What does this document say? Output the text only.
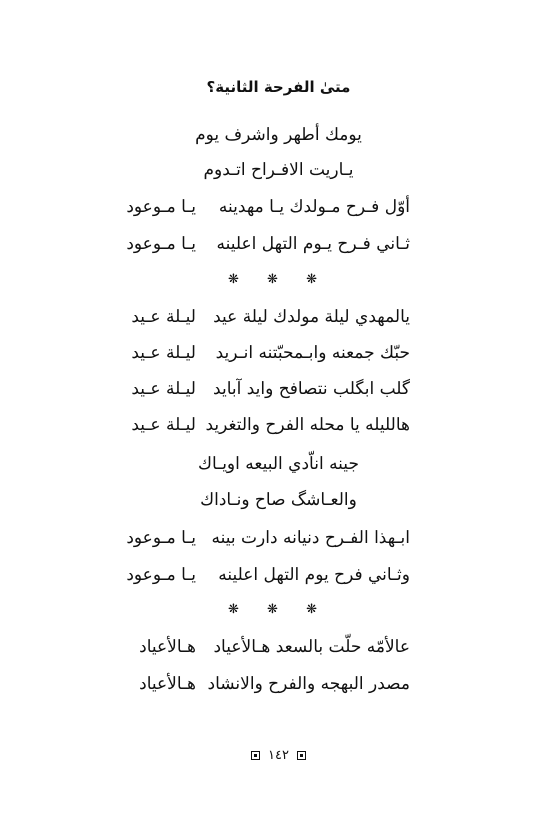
متىٰ الفرحة الثانية؟
يومك أطهر واشرف يوم
يـاريت الافـراح اتـدوم
أوّل فـرح مـولدك يـا مهدينه
يـا مـوعود
ثـاني فـرح يـوم التهل اعلينه
يـا مـوعود
❋ ❋ ❋
يالمهدي ليلة مولدك ليلة عيد
ليـلة عـيد
حبّك جمعنه وابـمحبّتنه انـريد
ليـلة عـيد
گلب ابگلب نتصافح وايد آبايد
ليـلة عـيد
هالليله يا محله الفرح والتغريد
ليـلة عـيد
جينه اناّدي البيعه اويـاك
والعـاشگ صاح ونـاداك
ابـهذا الفـرح دنيانه دارت بينه
يـا مـوعود
وثـاني فرح يوم التهل اعلينه
يـا مـوعود
❋ ❋ ❋
عالأمّه حلّت بالسعد هـالأعياد
هـالأعياد
مصدر البهجه والفرح والانشاد
هـالأعياد
١٤٢
